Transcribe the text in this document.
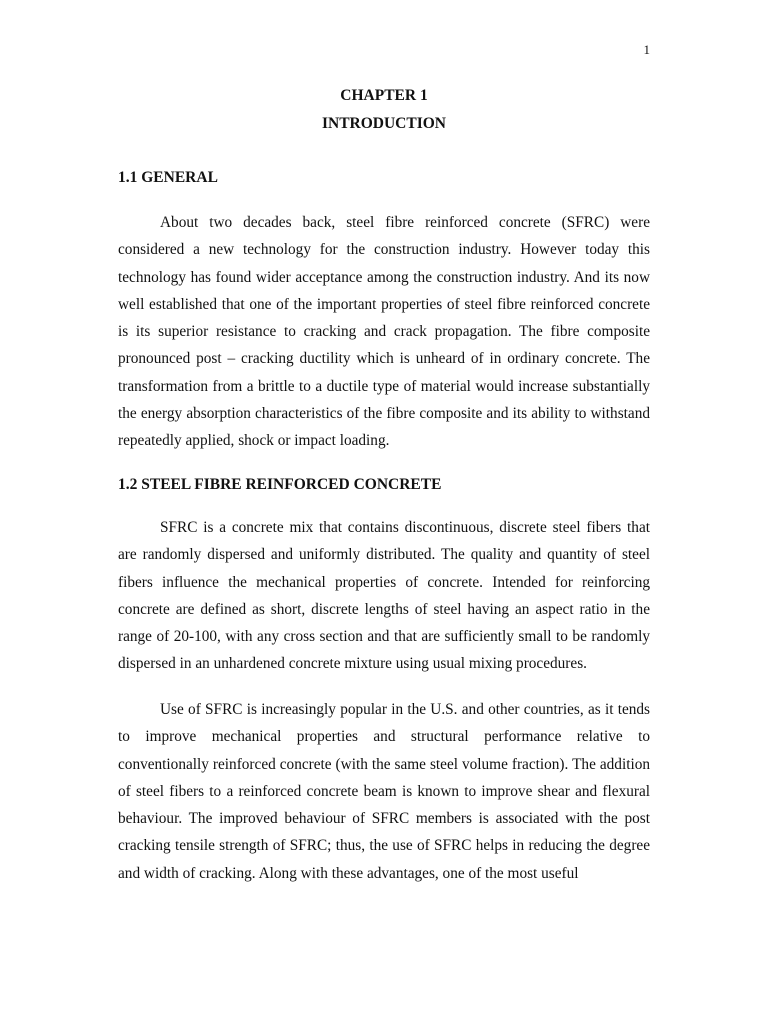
1
CHAPTER 1
INTRODUCTION
1.1 GENERAL

About two decades back, steel fibre reinforced concrete (SFRC) were considered a new technology for the construction industry. However today this technology has found wider acceptance among the construction industry. And its now well established that one of the important properties of steel fibre reinforced concrete is its superior resistance to cracking and crack propagation. The fibre composite pronounced post – cracking ductility which is unheard of in ordinary concrete. The transformation from a brittle to a ductile type of material would increase substantially the energy absorption characteristics of the fibre composite and its ability to withstand repeatedly applied, shock or impact loading.

1.2 STEEL FIBRE REINFORCED CONCRETE

SFRC is a concrete mix that contains discontinuous, discrete steel fibers that are randomly dispersed and uniformly distributed. The quality and quantity of steel fibers influence the mechanical properties of concrete. Intended for reinforcing concrete are defined as short, discrete lengths of steel having an aspect ratio in the range of 20-100, with any cross section and that are sufficiently small to be randomly dispersed in an unhardened concrete mixture using usual mixing procedures.

Use of SFRC is increasingly popular in the U.S. and other countries, as it tends to improve mechanical properties and structural performance relative to conventionally reinforced concrete (with the same steel volume fraction). The addition of steel fibers to a reinforced concrete beam is known to improve shear and flexural behaviour. The improved behaviour of SFRC members is associated with the post cracking tensile strength of SFRC; thus, the use of SFRC helps in reducing the degree and width of cracking. Along with these advantages, one of the most useful
